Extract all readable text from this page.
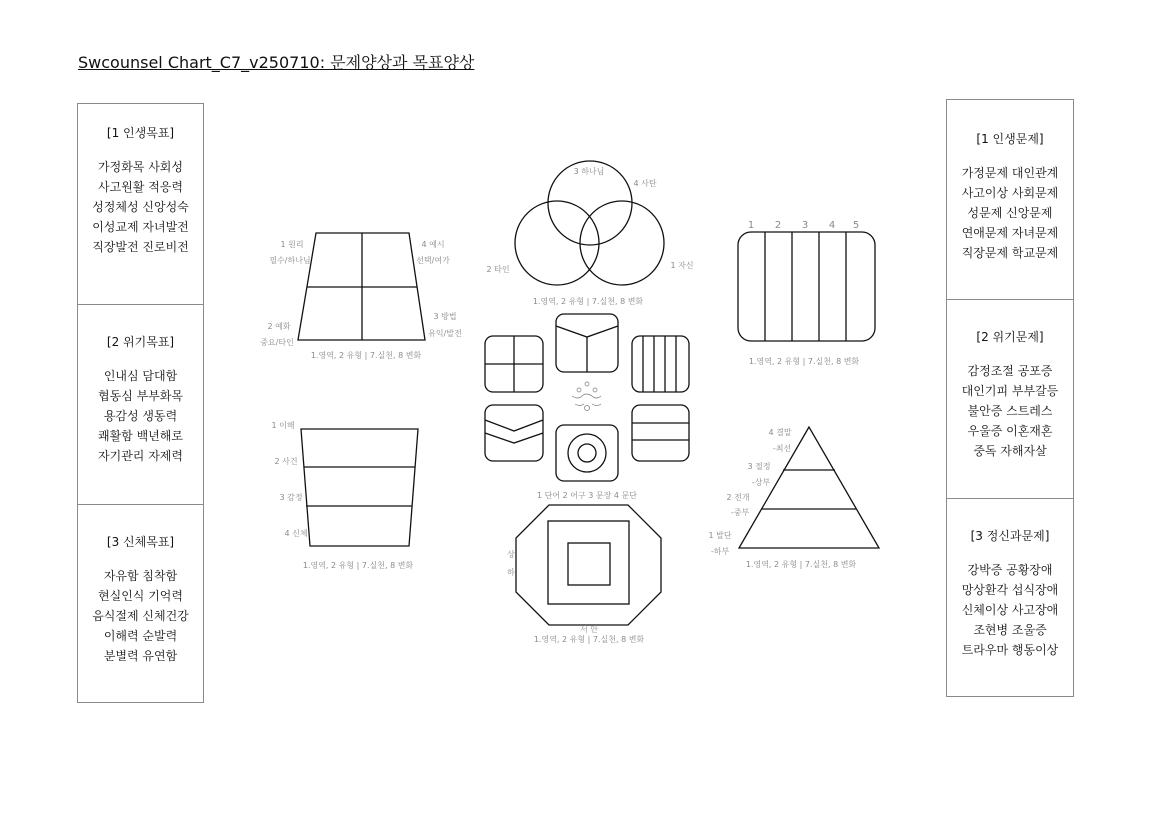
Swcounsel Chart_C7_v250710: 문제양상과 목표양상
[1 인생목표]
가정화목 사회성
사고원활 적응력
성정체성 신앙성숙
이성교제 자녀발전
직장발전 진로비전
[2 위기목표]
인내심 담대함
협동심 부부화목
용감성 생동력
쾌활함 백년해로
자기관리 자제력
[3 신체목표]
자유함 침착함
현실인식 기억력
음식절제 신체건강
이해력 순발력
분별력 유연함
[1 인생문제]
가정문제 대인관계
사고이상 사회문제
성문제 신앙문제
연애문제 자녀문제
직장문제 학교문제
[2 위기문제]
감정조절 공포증
대인기피 부부갈등
불안증 스트레스
우울증 이혼재혼
중독 자해자살
[3 정신과문제]
강박증 공황장애
망상환각 섭식장애
신체이상 사고장애
조현병 조울증
트라우마 행동이상
1 원리
필수/하나님
4 예시
선택/여가
2 예화
중요/타인
3 방법
유익/발전
1.영역, 2 유형 | 7.실천, 8 변화
3 하나님
4 사탄
2 타인	1 자신
1.영역, 2 유형 | 7.실천, 8 변화
1 2 3 4 5
1.영역, 2 유형 | 7.실천, 8 변화
1 이해
2 사건
3 감정
4 신체
1.영역, 2 유형 | 7.실천, 8 변화
1 단어 2 어구 3 문장 4 문단
4 결말
-최선
3 절정
-상부
2 전개
-중부
1 발단
-하부
1.영역, 2 유형 | 7.실천, 8 변화
상
하
서 안
1.영역, 2 유형 | 7.실천, 8 변화
